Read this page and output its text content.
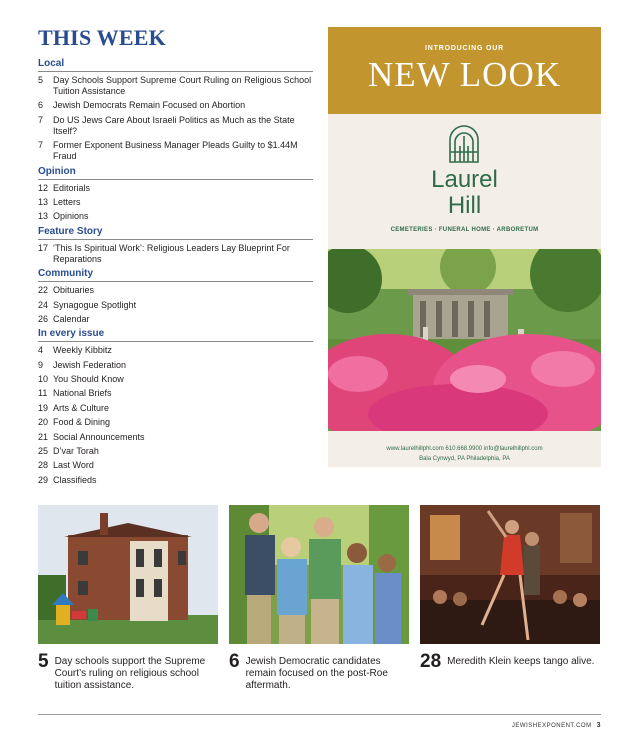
THIS WEEK
Local
5	Day Schools Support Supreme Court Ruling on Religious School Tuition Assistance
6	Jewish Democrats Remain Focused on Abortion
7	Do US Jews Care About Israeli Politics as Much as the State Itself?
7	Former Exponent Business Manager Pleads Guilty to $1.44M Fraud
Opinion
12 Editorials
13 Letters
13 Opinions
Feature Story
17 ‘This Is Spiritual Work’: Religious Leaders Lay Blueprint For Reparations
Community
22 Obituaries
24 Synagogue Spotlight
26 Calendar
In every issue
4	Weekly Kibbitz
9	Jewish Federation
10 You Should Know
11 National Briefs
19 Arts & Culture
20 Food & Dining
21 Social Announcements
25 D’var Torah
28 Last Word
29 Classifieds
INTRODUCING OUR
NEW LOOK
Laurel
Hill
CEMETERIES · FUNERAL HOME · ARBORETUM
www.laurelhillphl.com 610.668.9900 info@laurelhillphl.com
Bala Cynwyd, PA Philadelphia, PA
5 Day schools support the Supreme Court’s ruling on religious school tuition assistance.
6 Jewish Democratic candidates remain focused on the post-Roe aftermath.
28 Meredith Klein keeps tango alive.
JEWISHEXPONENT.COM 3
